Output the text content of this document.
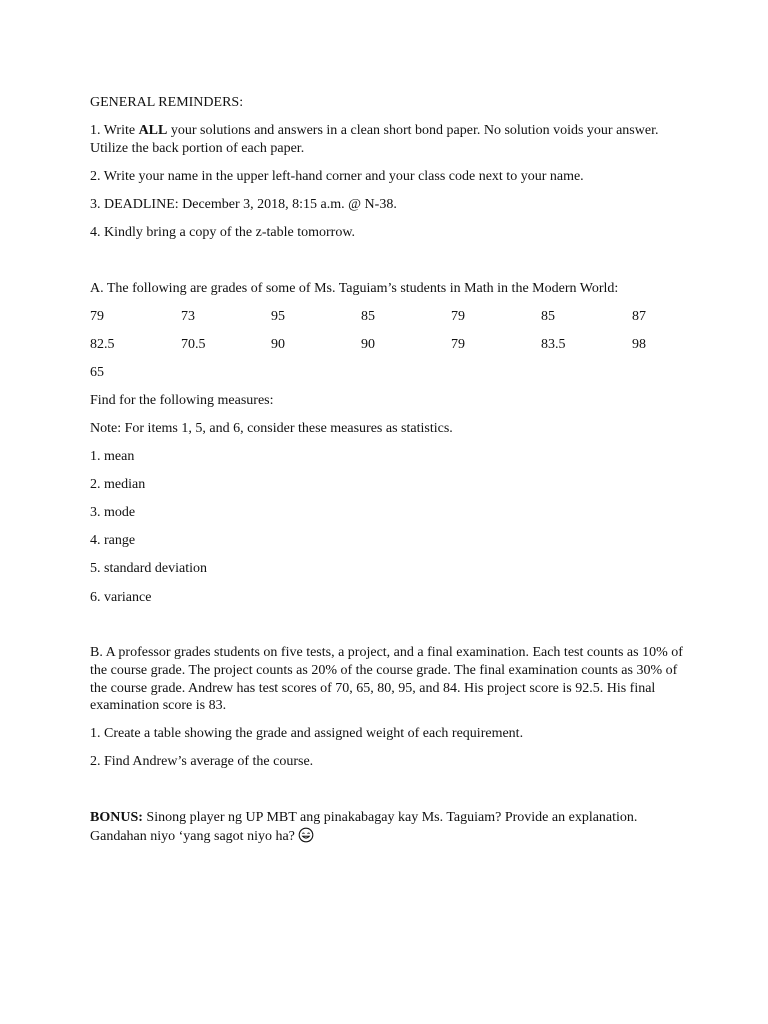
GENERAL REMINDERS:
1. Write ALL your solutions and answers in a clean short bond paper. No solution voids your answer.
Utilize the back portion of each paper.
2. Write your name in the upper left-hand corner and your class code next to your name.
3. DEADLINE: December 3, 2018, 8:15 a.m. @ N-38.
4. Kindly bring a copy of the z-table tomorrow.
A. The following are grades of some of Ms. Taguiam’s students in Math in the Modern World:
79	73	95	85	79	85	87
82.5	70.5	90	90	79	83.5	98
65
Find for the following measures:
Note: For items 1, 5, and 6, consider these measures as statistics.
1. mean
2. median
3. mode
4. range
5. standard deviation
6. variance
B. A professor grades students on five tests, a project, and a final examination. Each test counts as 10% of
the course grade. The project counts as 20% of the course grade. The final examination counts as 30% of
the course grade. Andrew has test scores of 70, 65, 80, 95, and 84. His project score is 92.5. His final
examination score is 83.
1. Create a table showing the grade and assigned weight of each requirement.
2. Find Andrew’s average of the course.
BONUS: Sinong player ng UP MBT ang pinakabagay kay Ms. Taguiam? Provide an explanation.
Gandahan niyo ‘yang sagot niyo ha?
